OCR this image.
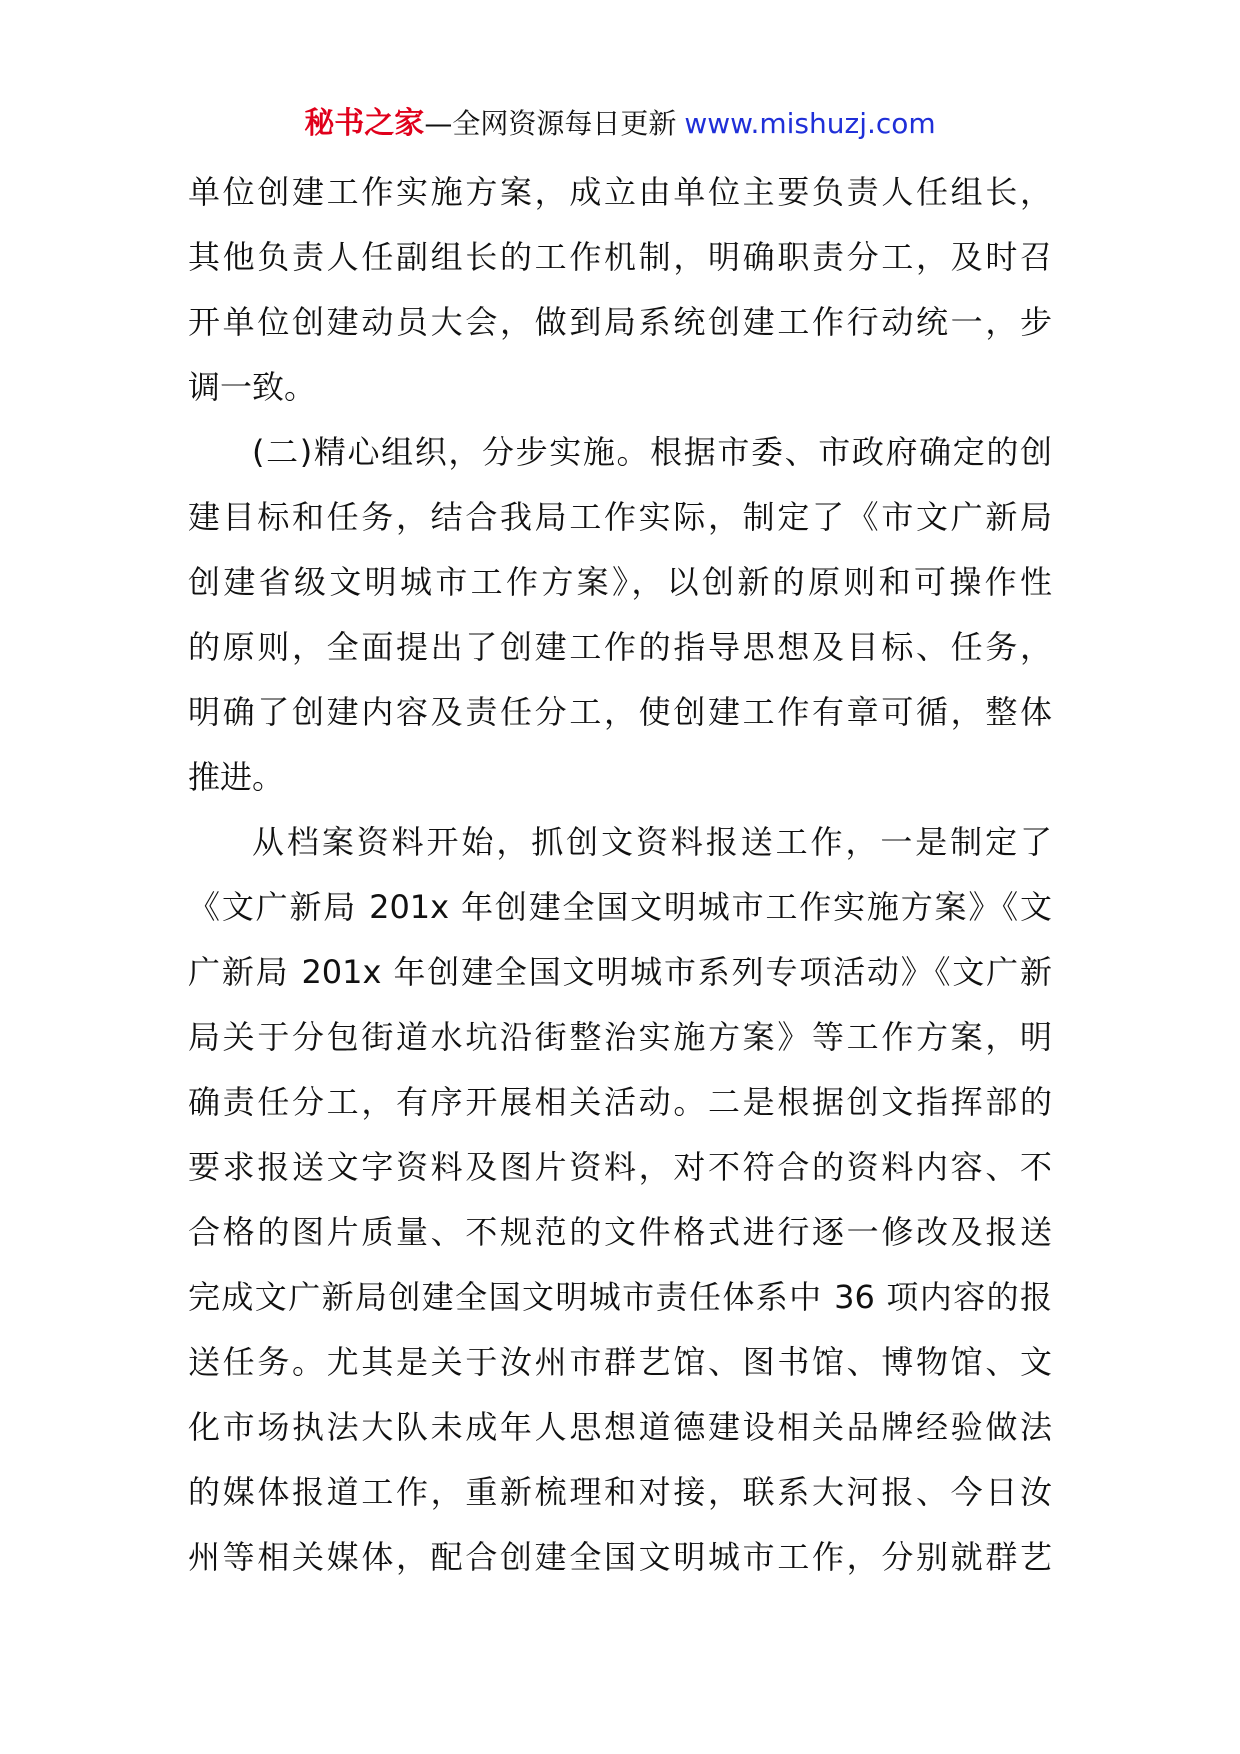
秘书之家—全网资源每日更新 www.mishuzj.com
单位创建工作实施方案，成立由单位主要负责人任组长，
其他负责人任副组长的工作机制，明确职责分工，及时召
开单位创建动员大会，做到局系统创建工作行动统一，步
调一致。
(二)精心组织，分步实施。根据市委、市政府确定的创
建目标和任务，结合我局工作实际，制定了《市文广新局
创建省级文明城市工作方案》，以创新的原则和可操作性
的原则，全面提出了创建工作的指导思想及目标、任务，
明确了创建内容及责任分工，使创建工作有章可循，整体
推进。
从档案资料开始，抓创文资料报送工作，一是制定了
《文广新局 201x 年创建全国文明城市工作实施方案》《文
广新局 201x 年创建全国文明城市系列专项活动》《文广新
局关于分包街道水坑沿街整治实施方案》等工作方案，明
确责任分工，有序开展相关活动。二是根据创文指挥部的
要求报送文字资料及图片资料，对不符合的资料内容、不
合格的图片质量、不规范的文件格式进行逐一修改及报送
完成文广新局创建全国文明城市责任体系中 36 项内容的报
送任务。尤其是关于汝州市群艺馆、图书馆、博物馆、文
化市场执法大队未成年人思想道德建设相关品牌经验做法
的媒体报道工作，重新梳理和对接，联系大河报、今日汝
州等相关媒体，配合创建全国文明城市工作，分别就群艺
